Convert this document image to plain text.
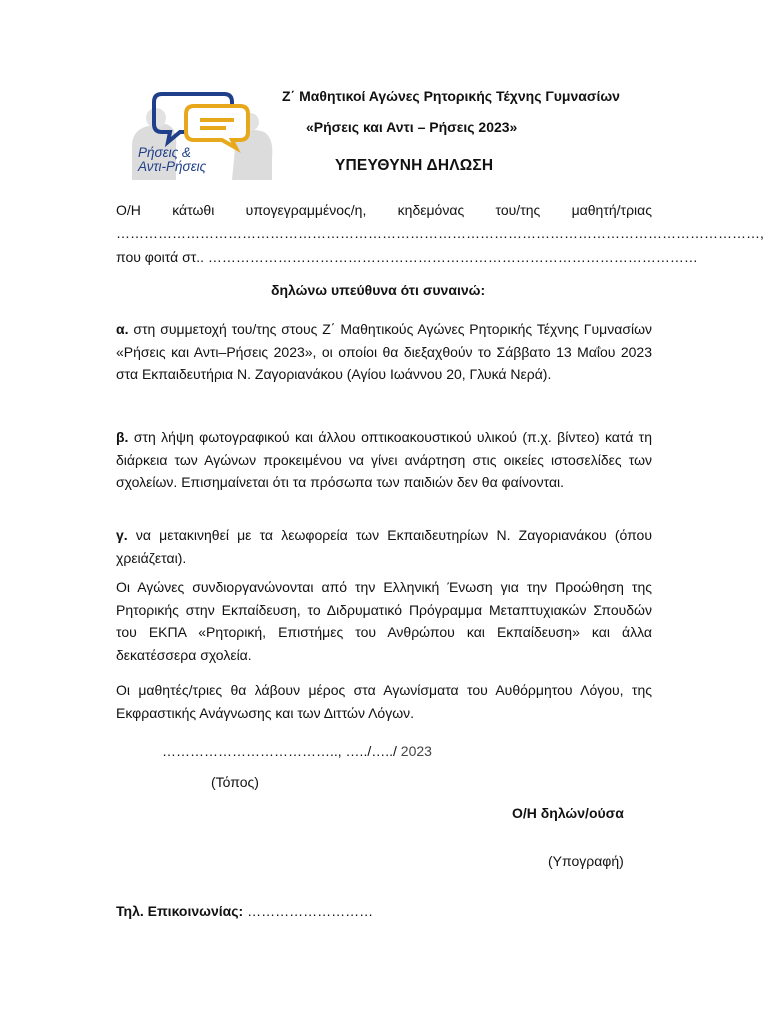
Ρήσεις &
Αντι-Ρήσεις
Ζ΄ Μαθητικοί Αγώνες Ρητορικής Τέχνης Γυμνασίων
«Ρήσεις και Αντι – Ρήσεις 2023»
ΥΠΕΥΘΥΝΗ ΔΗΛΩΣΗ
Ο/Η κάτωθι υπογεγραμμένος/η, κηδεμόνας του/της μαθητή/τριας
…………………………………………………………………………………………………………………………,
που φοιτά στ.. ……………………………………………………………………………………………
δηλώνω υπεύθυνα ότι συναινώ:
α. στη συμμετοχή του/της στους Ζ΄ Μαθητικούς Αγώνες Ρητορικής Τέχνης Γυμνασίων «Ρήσεις και Αντι–Ρήσεις 2023», οι οποίοι θα διεξαχθούν το Σάββατο 13 Μαΐου 2023 στα Εκπαιδευτήρια Ν. Ζαγοριανάκου (Αγίου Ιωάννου 20, Γλυκά Νερά).
β. στη λήψη φωτογραφικού και άλλου οπτικοακουστικού υλικού (π.χ. βίντεο) κατά τη διάρκεια των Αγώνων προκειμένου να γίνει ανάρτηση στις οικείες ιστοσελίδες των σχολείων. Επισημαίνεται ότι τα πρόσωπα των παιδιών δεν θα φαίνονται.
γ. να μετακινηθεί με τα λεωφορεία των Εκπαιδευτηρίων Ν. Ζαγοριανάκου (όπου χρειάζεται).
Οι Αγώνες συνδιοργανώνονται από την Ελληνική Ένωση για την Προώθηση της Ρητορικής στην Εκπαίδευση, το Διδρυματικό Πρόγραμμα Μεταπτυχιακών Σπουδών του ΕΚΠΑ «Ρητορική, Επιστήμες του Ανθρώπου και Εκπαίδευση» και άλλα δεκατέσσερα σχολεία.
Οι μαθητές/τριες θα λάβουν μέρος στα Αγωνίσματα του Αυθόρμητου Λόγου, της Εκφραστικής Ανάγνωσης και των Διττών Λόγων.
……………………………….., …../…../ 2023
(Τόπος)
Ο/Η δηλών/ούσα
(Υπογραφή)
Τηλ. Επικοινωνίας: ………………………
